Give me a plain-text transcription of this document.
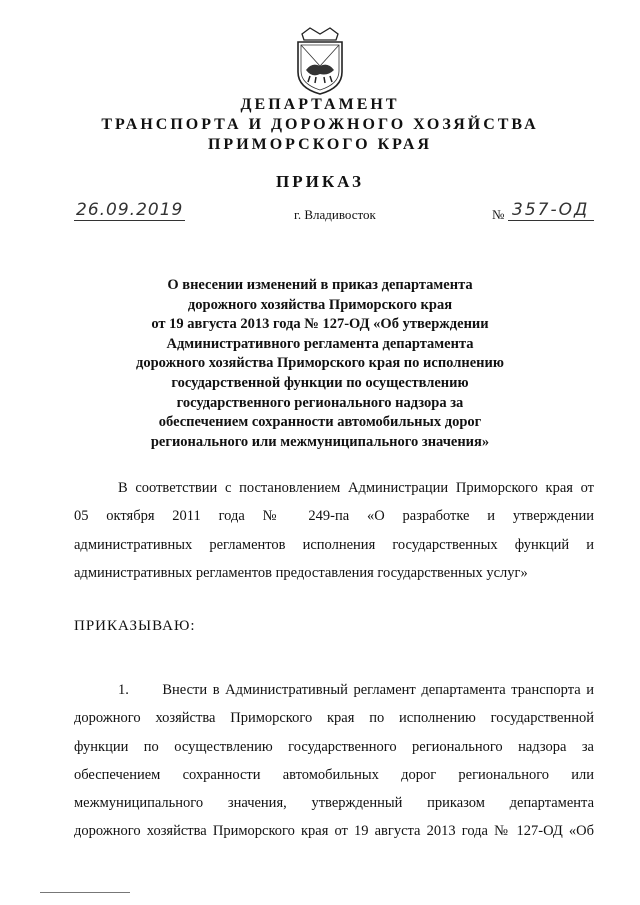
ДЕПАРТАМЕНТ
ТРАНСПОРТА И ДОРОЖНОГО ХОЗЯЙСТВА
ПРИМОРСКОГО КРАЯ
ПРИКАЗ
26.09.2019	г. Владивосток	№ 357-ОД
О внесении изменений в приказ департамента
дорожного хозяйства Приморского края
от 19 августа 2013 года № 127-ОД «Об утверждении
Административного регламента департамента
дорожного хозяйства Приморского края по исполнению
государственной функции по осуществлению
государственного регионального надзора за
обеспечением сохранности автомобильных дорог
регионального или межмуниципального значения»
В соответствии с постановлением Администрации Приморского края от
05 октября 2011 года № 249-па «О разработке и утверждении
административных регламентов исполнения государственных функций и
административных регламентов предоставления государственных услуг»
ПРИКАЗЫВАЮ:
1.      Внести в Административный регламент департамента транспорта и
дорожного хозяйства Приморского края по исполнению государственной
функции по осуществлению государственного регионального надзора за
обеспечением сохранности автомобильных дорог регионального или
межмуниципального значения, утвержденный приказом департамента
дорожного хозяйства Приморского края от 19 августа 2013 года № 127-ОД «Об
